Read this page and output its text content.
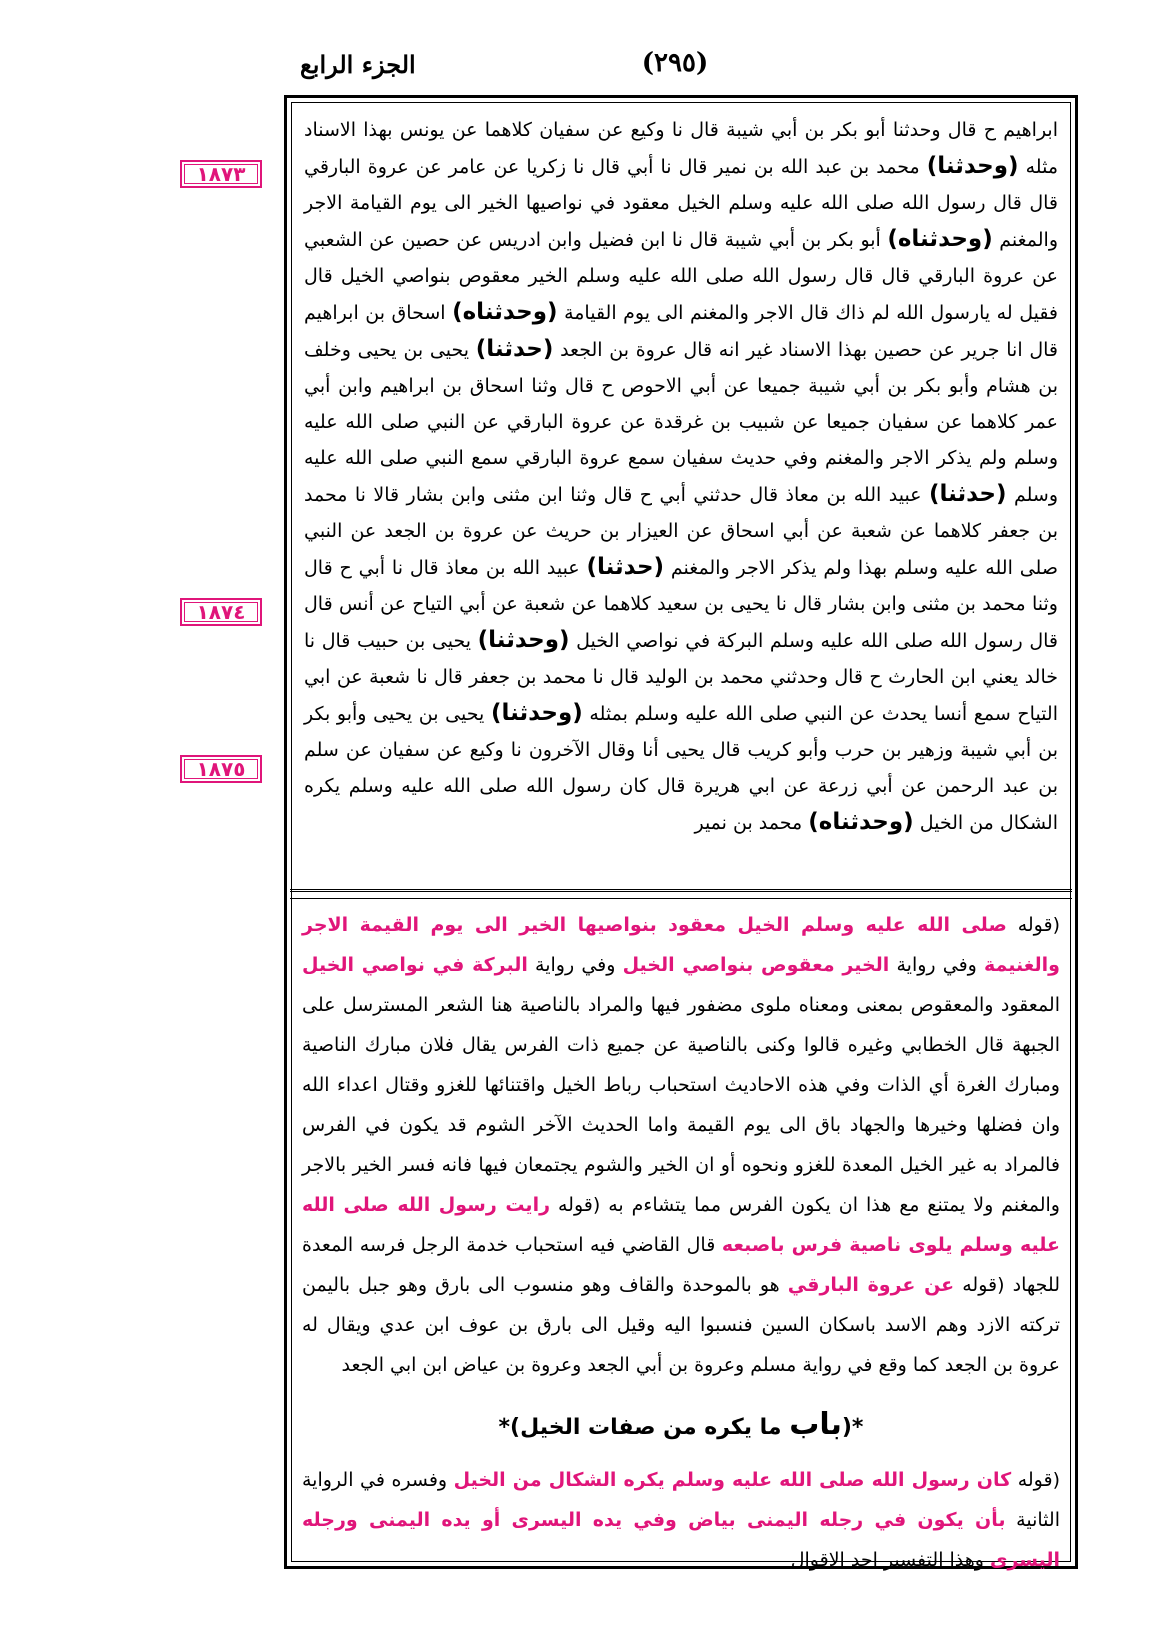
الجزء الرابع	(٢٩٥)
١٨٧٣
١٨٧٤
١٨٧٥

ابراهيم ح قال وحدثنا أبو بكر بن أبي شيبة قال نا وكيع عن سفيان كلاهما عن يونس بهذا الاسناد مثله (وحدثنا) محمد بن عبد الله بن نمير قال نا أبي قال نا زكريا عن عامر عن عروة البارقي قال قال رسول الله صلى الله عليه وسلم الخيل معقود في نواصيها الخير الى يوم القيامة الاجر والمغنم (وحدثناه) أبو بكر بن أبي شيبة قال نا ابن فضيل وابن ادريس عن حصين عن الشعبي عن عروة البارقي قال قال رسول الله صلى الله عليه وسلم الخير معقوص بنواصي الخيل قال فقيل له يارسول الله لم ذاك قال الاجر والمغنم الى يوم القيامة (وحدثناه) اسحاق بن ابراهيم قال انا جرير عن حصين بهذا الاسناد غير انه قال عروة بن الجعد (حدثنا) يحيى بن يحيى وخلف بن هشام وأبو بكر بن أبي شيبة جميعا عن أبي الاحوص ح قال وثنا اسحاق بن ابراهيم وابن أبي عمر كلاهما عن سفيان جميعا عن شبيب بن غرقدة عن عروة البارقي عن النبي صلى الله عليه وسلم ولم يذكر الاجر والمغنم وفي حديث سفيان سمع عروة البارقي سمع النبي صلى الله عليه وسلم (حدثنا) عبيد الله بن معاذ قال حدثني أبي ح قال وثنا ابن مثنى وابن بشار قالا نا محمد بن جعفر كلاهما عن شعبة عن أبي اسحاق عن العيزار بن حريث عن عروة بن الجعد عن النبي صلى الله عليه وسلم بهذا ولم يذكر الاجر والمغنم (حدثنا) عبيد الله بن معاذ قال نا أبي ح قال وثنا محمد بن مثنى وابن بشار قال نا يحيى بن سعيد كلاهما عن شعبة عن أبي التياح عن أنس قال قال رسول الله صلى الله عليه وسلم البركة في نواصي الخيل (وحدثنا) يحيى بن حبيب قال نا خالد يعني ابن الحارث ح قال وحدثني محمد بن الوليد قال نا محمد بن جعفر قال نا شعبة عن ابي التياح سمع أنسا يحدث عن النبي صلى الله عليه وسلم بمثله (وحدثنا) يحيى بن يحيى وأبو بكر بن أبي شيبة وزهير بن حرب وأبو كريب قال يحيى أنا وقال الآخرون نا وكيع عن سفيان عن سلم بن عبد الرحمن عن أبي زرعة عن ابي هريرة قال كان رسول الله صلى الله عليه وسلم يكره الشكال من الخيل (وحدثناه) محمد بن نمير

(قوله صلى الله عليه وسلم الخيل معقود بنواصيها الخير الى يوم القيمة الاجر والغنيمة وفي رواية الخير معقوص بنواصي الخيل وفي رواية البركة في نواصي الخيل المعقود والمعقوص بمعنى ومعناه ملوى مضفور فيها والمراد بالناصية هنا الشعر المسترسل على الجبهة قال الخطابي وغيره قالوا وكنى بالناصية عن جميع ذات الفرس يقال فلان مبارك الناصية ومبارك الغرة أي الذات وفي هذه الاحاديث استحباب رباط الخيل واقتنائها للغزو وقتال اعداء الله وان فضلها وخيرها والجهاد باق الى يوم القيمة واما الحديث الآخر الشوم قد يكون في الفرس فالمراد به غير الخيل المعدة للغزو ونحوه أو ان الخير والشوم يجتمعان فيها فانه فسر الخير بالاجر والمغنم ولا يمتنع مع هذا ان يكون الفرس مما يتشاءم به (قوله رايت رسول الله صلى الله عليه وسلم يلوى ناصية فرس باصبعه قال القاضي فيه استحباب خدمة الرجل فرسه المعدة للجهاد (قوله عن عروة البارقي هو بالموحدة والقاف وهو منسوب الى بارق وهو جبل باليمن تركته الازد وهم الاسد باسكان السين فنسبوا اليه وقيل الى بارق بن عوف ابن عدي ويقال له عروة بن الجعد كما وقع في رواية مسلم وعروة بن أبي الجعد وعروة بن عياض ابن ابي الجعد

*(باب ما يكره من صفات الخيل)*

(قوله كان رسول الله صلى الله عليه وسلم يكره الشكال من الخيل وفسره في الرواية الثانية بأن يكون في رجله اليمنى بياض وفي يده اليسرى أو يده اليمنى ورجله اليسرى وهذا التفسير احد الاقوال
